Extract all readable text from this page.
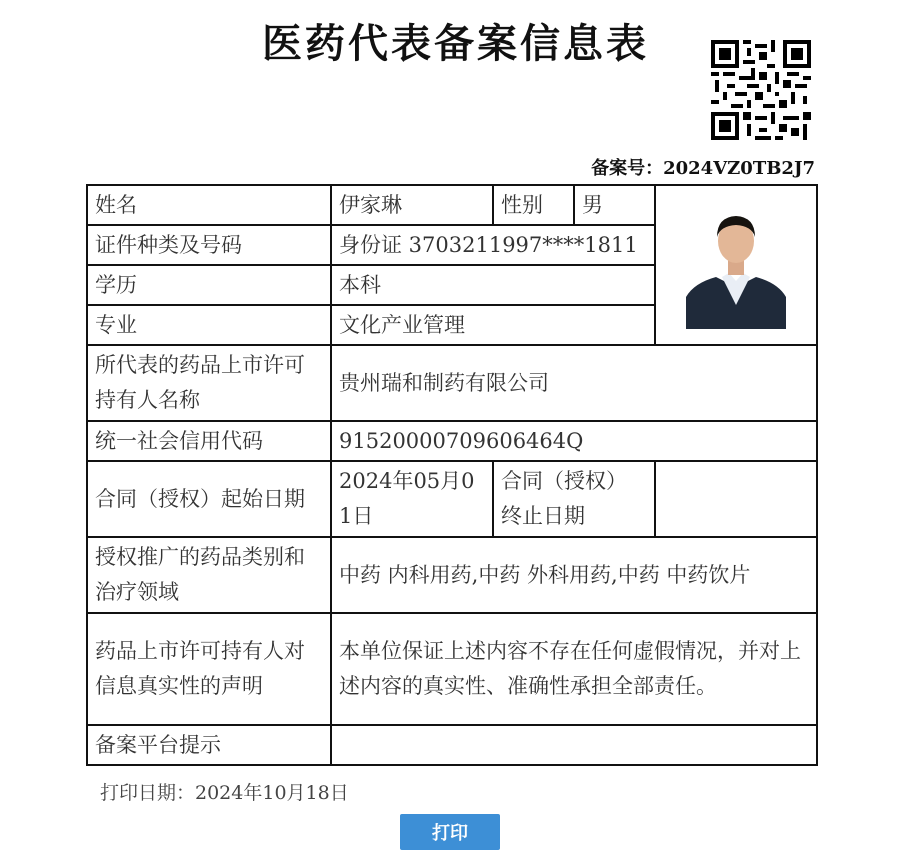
医药代表备案信息表
备案号：2024VZ0TB2J7
姓名	伊家琳	性别	男	
证件种类及号码	身份证 3703211997****1811			
学历	本科			
专业	文化产业管理			
所代表的药品上市许可持有人名称	贵州瑞和制药有限公司			
统一社会信用代码	91520000709606464Q			
合同（授权）起始日期	2024年05月01日	合同（授权）终止日期		
授权推广的药品类别和治疗领域	中药 内科用药,中药 外科用药,中药 中药饮片			
药品上市许可持有人对信息真实性的声明	本单位保证上述内容不存在任何虚假情况，并对上述内容的真实性、准确性承担全部责任。			
备案平台提示				
打印日期：2024年10月18日
打印
